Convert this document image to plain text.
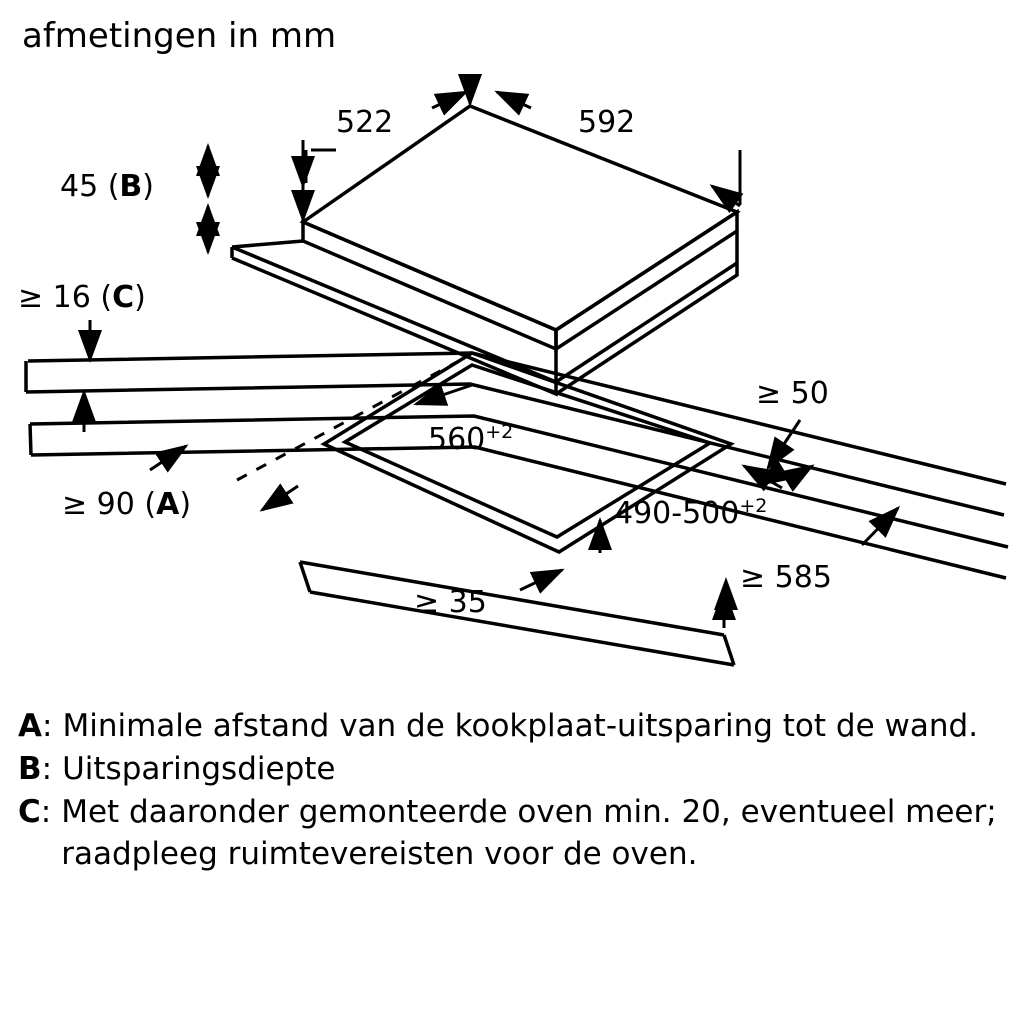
afmetingen in mm
522	592
45 (B)
≥ 16 (C)
≥ 50
$560^{+2}$
≥ 90 (A)	$490-500^{+2}$
≥ 585
≥ 35
A : Minimale afstand van de kookplaat-uitsparing tot de wand.
B : Uitsparingsdiepte
C : Met daaronder gemonteerde oven min. 20, eventueel meer; raadpleeg ruimtevereisten voor de oven.
